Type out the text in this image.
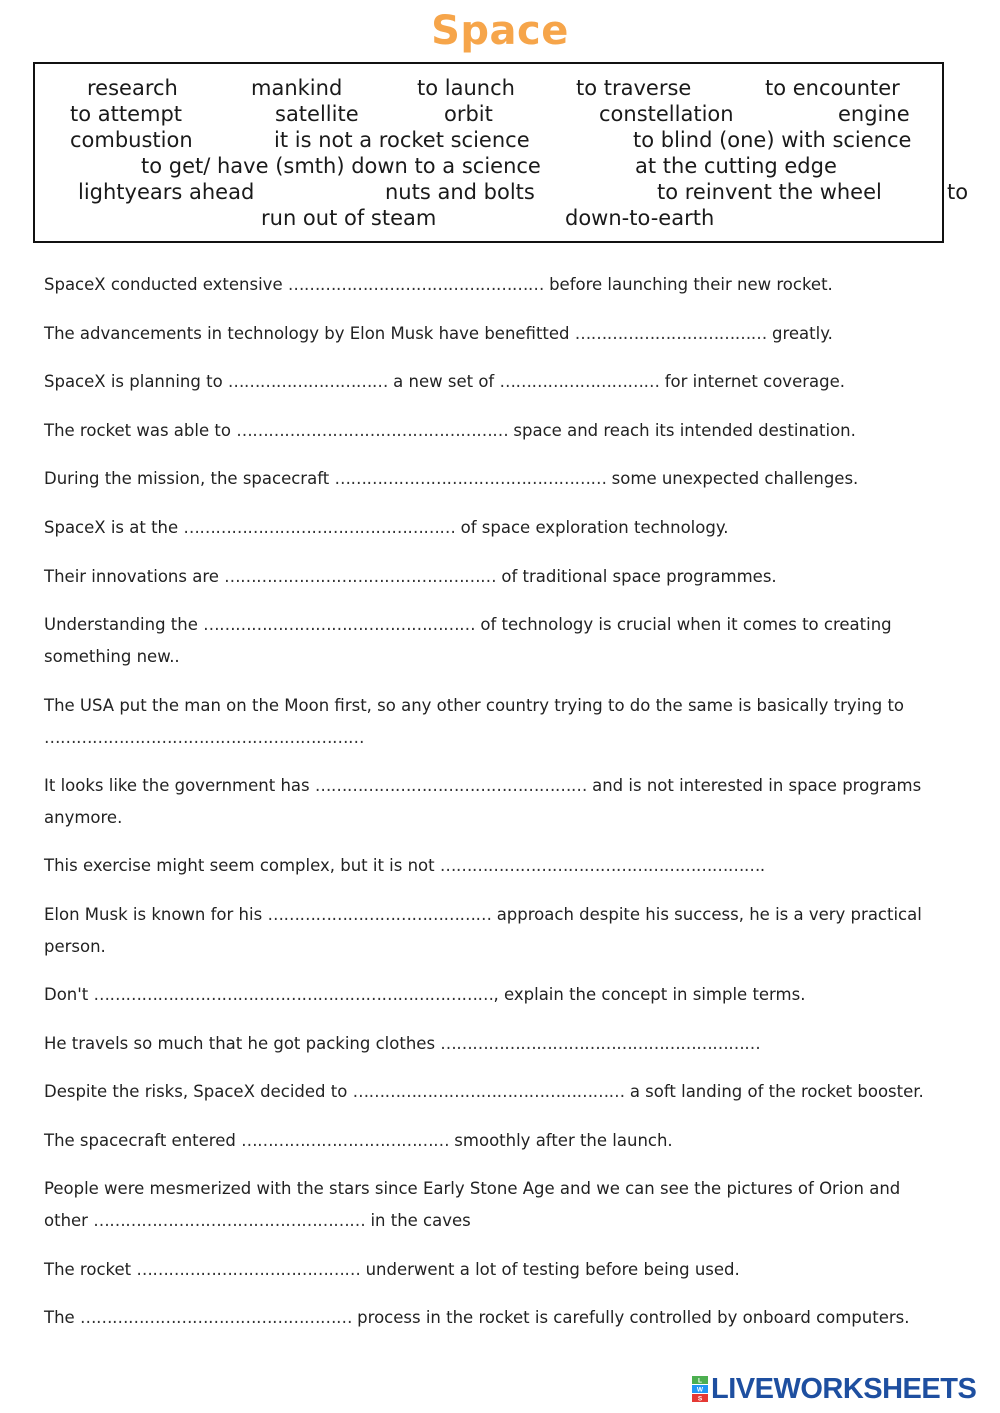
Space
research	mankind	to launch	to traverse	to encounter
to attempt	satellite	orbit	constellation	engine
combustion	it is not a rocket science	to blind (one) with science
to get/ have (smth) down to a science	at the cutting edge
lightyears ahead	nuts and bolts	to reinvent the wheel	to
run out of steam	down-to-earth
SpaceX conducted extensive ………………………………………… before launching their new rocket.
The advancements in technology by Elon Musk have benefitted ……………………………… greatly.
SpaceX is planning to ………………………… a new set of ………………………… for internet coverage.
The rocket was able to …………………………………………… space and reach its intended destination.
During the mission, the spacecraft …………………………………………… some unexpected challenges.
SpaceX is at the …………………………………………… of space exploration technology.
Their innovations are …………………………………………… of traditional space programmes.
Understanding the …………………………………………… of technology is crucial when it comes to creating something new..
The USA put the man on the Moon first, so any other country trying to do the same is basically trying to ……………………………………………………
It looks like the government has …………………………………………… and is not interested in space programs anymore.
This exercise might seem complex, but it is not …………………………………………………….
Elon Musk is known for his …………………………………… approach despite his success, he is a very practical person.
Don't …………………………………………………………………, explain the concept in simple terms.
He travels so much that he got packing clothes ……………………………………………………
Despite the risks, SpaceX decided to …………………………………………… a soft landing of the rocket booster.
The spacecraft entered ………………………………… smoothly after the launch.
People were mesmerized with the stars since Early Stone Age and we can see the pictures of Orion and other …………………………………………… in the caves
The rocket …………………………………… underwent a lot of testing before being used.
The …………………………………………… process in the rocket is carefully controlled by onboard computers.
L
W
S LIVEWORKSHEETS
